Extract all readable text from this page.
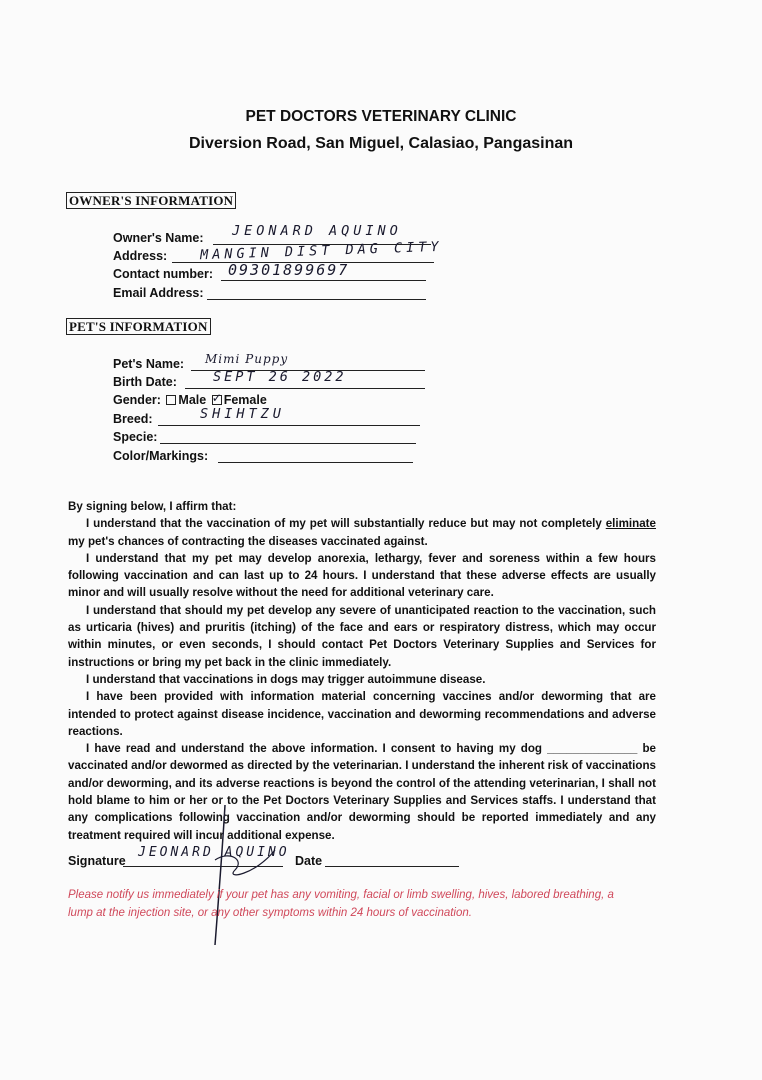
PET DOCTORS VETERINARY CLINIC
Diversion Road, San Miguel, Calasiao, Pangasinan
OWNER'S INFORMATION
Owner's Name: JEONARD AQUINO
Address: MANGIN DIST DAG CITY
Contact number: 09301899697
Email Address:
PET'S INFORMATION
Pet's Name: Mimi Puppy
Birth Date:	SEPT 26 2022
Gender: Male ✓ Female
Breed:	SHIHTZU
Specie:
Color/Markings:

By signing below, I affirm that:

I understand that the vaccination of my pet will substantially reduce but may not completely eliminate my pet's chances of contracting the diseases vaccinated against.

I understand that my pet may develop anorexia, lethargy, fever and soreness within a few hours following vaccination and can last up to 24 hours. I understand that these adverse effects are usually minor and will usually resolve without the need for additional veterinary care.

I understand that should my pet develop any severe of unanticipated reaction to the vaccination, such as urticaria (hives) and pruritis (itching) of the face and ears or respiratory distress, which may occur within minutes, or even seconds, I should contact Pet Doctors Veterinary Supplies and Services for instructions or bring my pet back in the clinic immediately.

I understand that vaccinations in dogs may trigger autoimmune disease.

I have been provided with information material concerning vaccines and/or deworming that are intended to protect against disease incidence, vaccination and deworming recommendations and adverse reactions.

I have read and understand the above information. I consent to having my dog ______________ be vaccinated and/or dewormed as directed by the veterinarian. I understand the inherent risk of vaccinations and/or deworming, and its adverse reactions is beyond the control of the attending veterinarian, I shall not hold blame to him or her or to the Pet Doctors Veterinary Supplies and Services staffs. I understand that any complications following vaccination and/or deworming should be reported immediately and any treatment required will incur additional expense.

Signature
JEONARD AQUINO
Date
Please notify us immediately if your pet has any vomiting, facial or limb swelling, hives, labored breathing, a lump at the injection site, or any other symptoms within 24 hours of vaccination.
